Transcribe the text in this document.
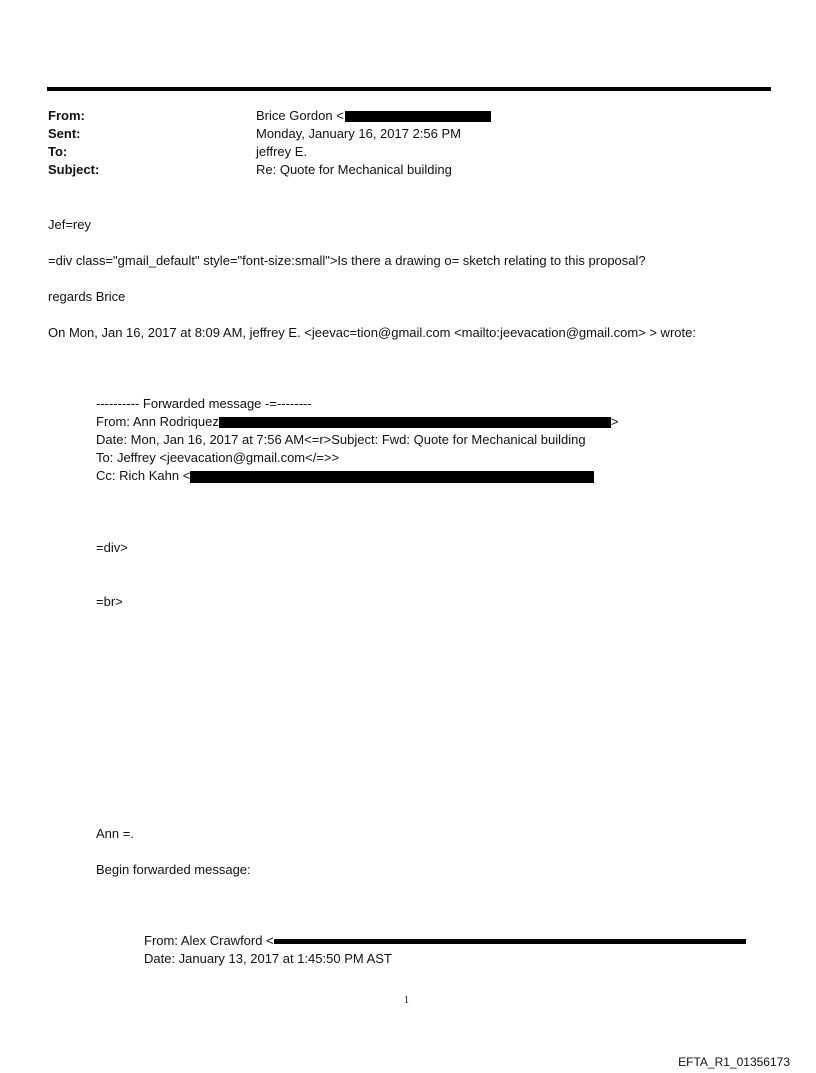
From:	Brice Gordon <
Sent:	Monday, January 16, 2017 2:56 PM
To:	jeffrey E.
Subject:	Re: Quote for Mechanical building
Jef=rey
=div class="gmail_default" style="font-size:small">Is there a drawing o= sketch relating to this proposal?
regards Brice
On Mon, Jan 16, 2017 at 8:09 AM, jeffrey E. <jeevac=tion@gmail.com <mailto:jeevacation@gmail.com> > wrote:
---------- Forwarded message -=--------
From: Ann Rodriquez	>
Date: Mon, Jan 16, 2017 at 7:56 AM<=r>Subject: Fwd: Quote for Mechanical building
To: Jeffrey <jeevacation@gmail.com</=>>
Cc: Rich Kahn <
=div>
=br>
Ann =.
Begin forwarded message:
From: Alex Crawford <
Date: January 13, 2017 at 1:45:50 PM AST
1
EFTA_R1_01356173
